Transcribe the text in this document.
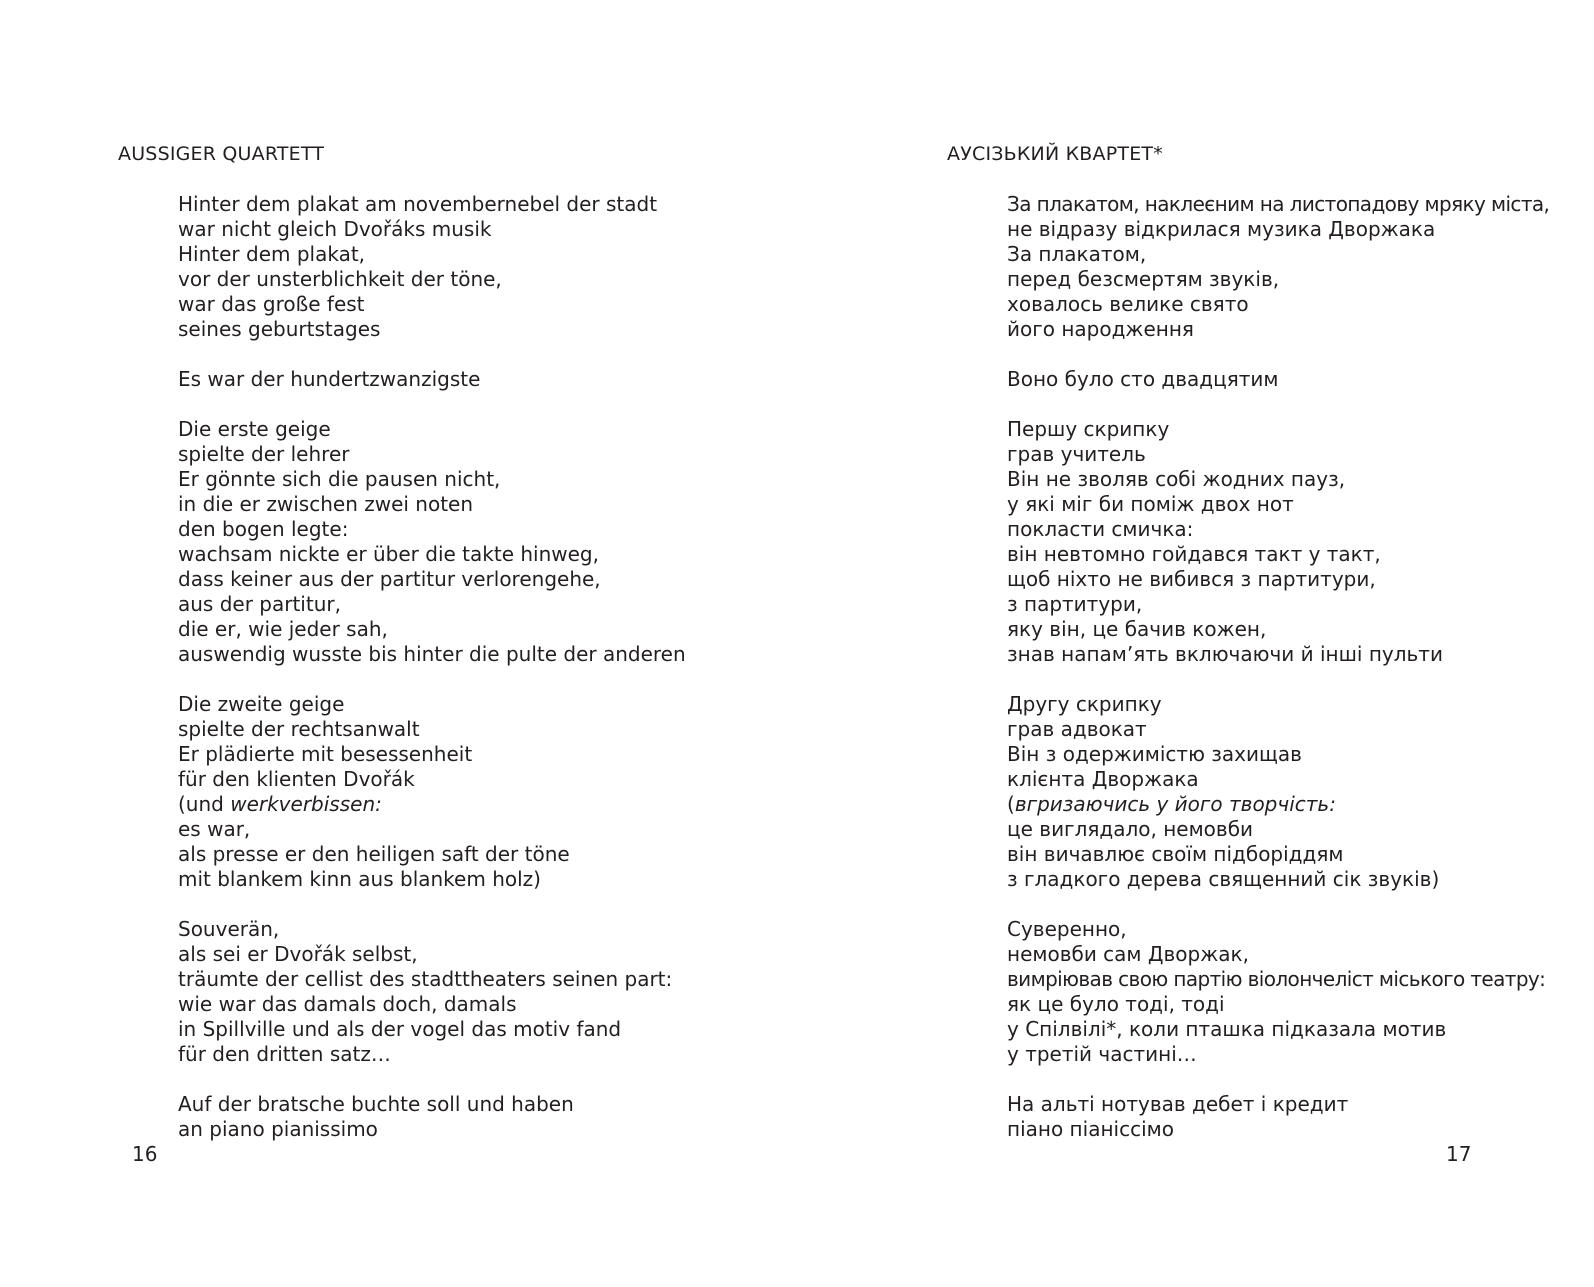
AUSSIGER QUARTETT
Hinter dem plakat am novembernebel der stadt
war nicht gleich Dvořáks musik
Hinter dem plakat,
vor der unsterblichkeit der töne,
war das große fest
seines geburtstages
Es war der hundertzwanzigste
Die erste geige
spielte der lehrer
Er gönnte sich die pausen nicht,
in die er zwischen zwei noten
den bogen legte:
wachsam nickte er über die takte hinweg,
dass keiner aus der partitur verlorengehe,
aus der partitur,
die er, wie jeder sah,
auswendig wusste bis hinter die pulte der anderen
Die zweite geige
spielte der rechtsanwalt
Er plädierte mit besessenheit
für den klienten Dvořák
(und werkverbissen:
es war,
als presse er den heiligen saft der töne
mit blankem kinn aus blankem holz)
Souverän,
als sei er Dvořák selbst,
träumte der cellist des stadttheaters seinen part:
wie war das damals doch, damals
in Spillville und als der vogel das motiv fand
für den dritten satz…
Auf der bratsche buchte soll und haben
an piano pianissimo
16
АУСІЗЬКИЙ КВАРТЕТ*
За плакатом, наклеєним на листопадову мряку міста,
не відразу відкрилася музика Дворжака
За плакатом,
перед безсмертям звуків,
ховалось велике свято
його народження
Воно було сто двадцятим
Першу скрипку
грав учитель
Він не зволяв собі жодних пауз,
у які міг би поміж двох нот
покласти смичка:
він невтомно гойдався такт у такт,
щоб ніхто не вибився з партитури,
з партитури,
яку він, це бачив кожен,
знав напам’ять включаючи й інші пульти
Другу скрипку
грав адвокат
Він з одержимістю захищав
клієнта Дворжака
(вгризаючись у його творчість:
це виглядало, немовби
він вичавлює своїм підборіддям
з гладкого дерева священний сік звуків)
Суверенно,
немовби сам Дворжак,
вимріював свою партію віолончеліст міського театру:
як це було тоді, тоді
у Спілвілі*, коли пташка підказала мотив
у третій частині…
На альті нотував дебет і кредит
піано піаніссімо
17
